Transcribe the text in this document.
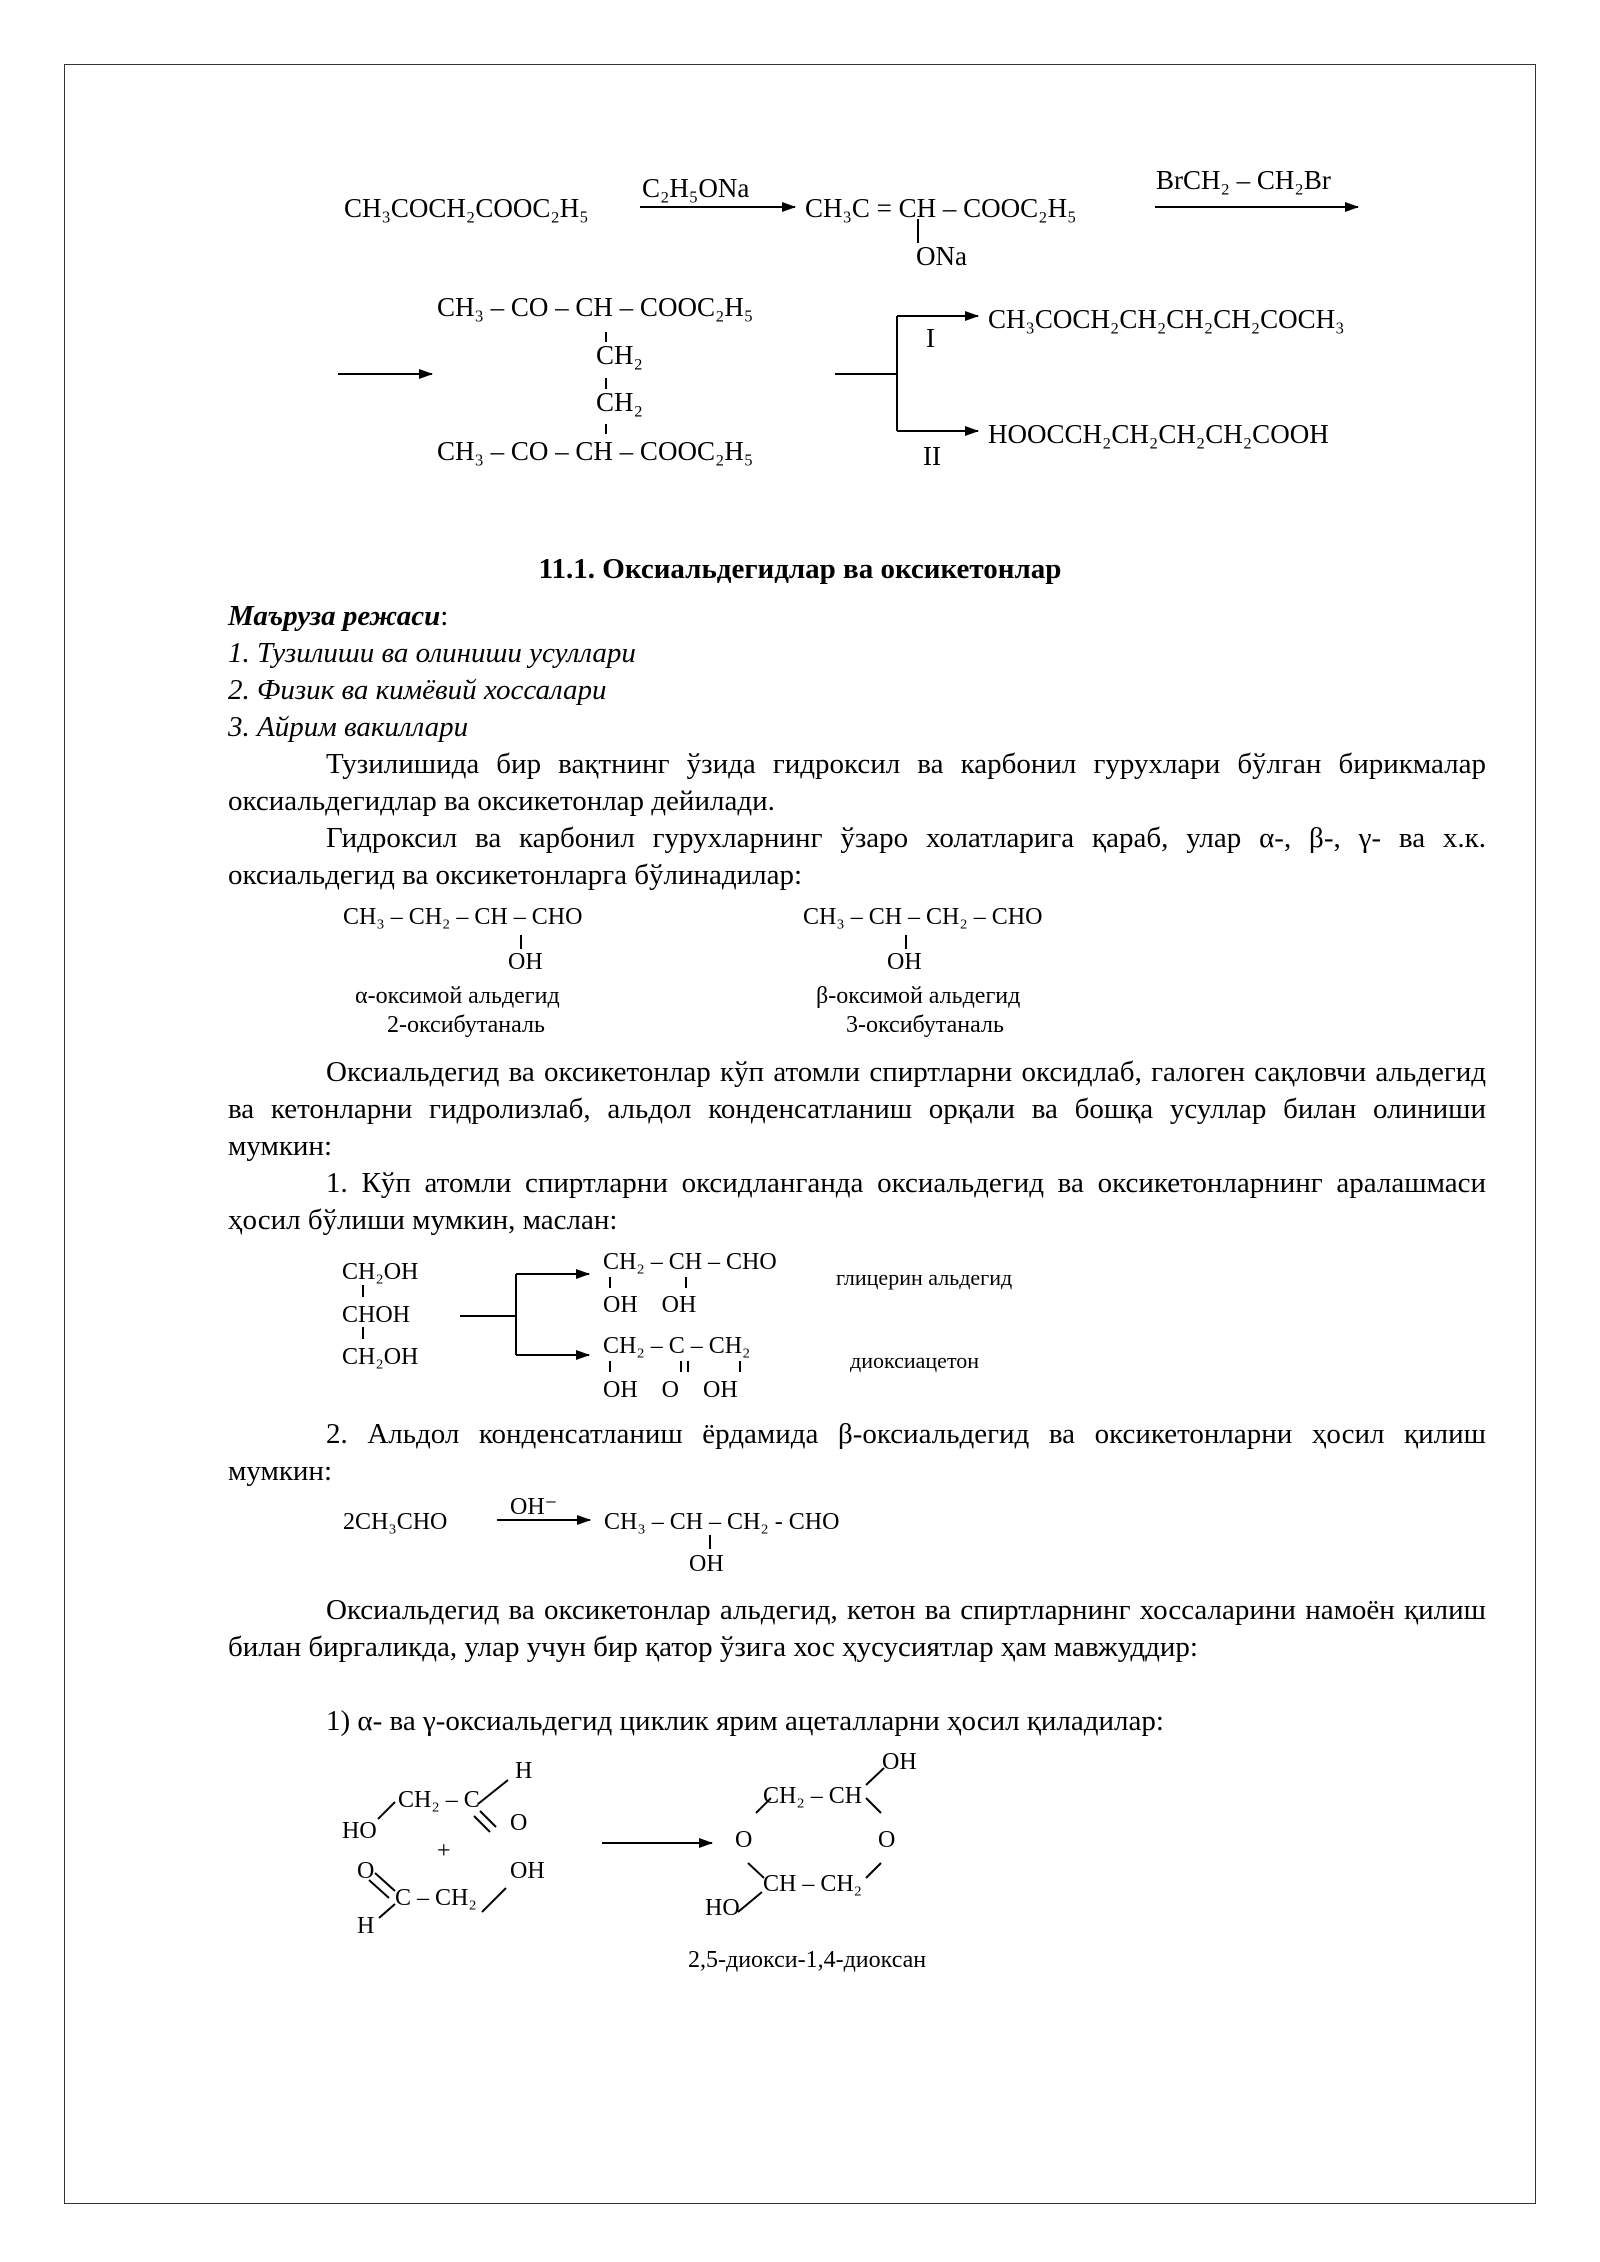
CH₃COCH₂COOC₂H₅
C₂H₅ONa
CH₃C = CH – COOC₂H₅
ONa
BrCH₂ – CH₂Br
CH₃ – CO – CH – COOC₂H₅
CH₂
CH₂
CH₃ – CO – CH – COOC₂H₅
I
II
CH₃COCH₂CH₂CH₂CH₂COCH₃
HOOCCH₂CH₂CH₂CH₂COOH
11.1. Оксиальдегидлар ва оксикетонлар
Маъруза режаси:
1. Тузилиши ва олиниши усуллари
2. Физик ва кимёвий хоссалари
3. Айрим вакиллари
Тузилишида бир вақтнинг ўзида гидроксил ва карбонил гурухлари бўлган бирикмалар оксиальдегидлар ва оксикетонлар дейилади.
Гидроксил ва карбонил гурухларнинг ўзаро холатларига қараб, улар α-, β-, γ- ва х.к. оксиальдегид ва оксикетонларга бўлинадилар:
CH₃ – CH₂ – CH – CHO
OH
α-оксимой альдегид
2-оксибутаналь
CH₃ – CH – CH₂ – CHO
OH
β-оксимой альдегид
3-оксибутаналь
Оксиальдегид ва оксикетонлар кўп атомли спиртларни оксидлаб, галоген сақловчи альдегид ва кетонларни гидролизлаб, альдол конденсатланиш орқали ва бошқа усуллар билан олиниши мумкин:
1. Кўп атомли спиртларни оксидланганда оксиальдегид ва оксикетонларнинг аралашмаси ҳосил бўлиши мумкин, маслан:
CH₂OH
CHOH
CH₂OH
CH₂ – CH – CHO
OH    OH
глицерин альдегид
CH₂ – C – CH₂
OH    O    OH
диоксиацетон
2. Альдол конденсатланиш ёрдамида β-оксиальдегид ва оксикетонларни ҳосил қилиш мумкин:
2CH₃CHO
OH⁻
CH₃ – CH – CH₂ - CHO
OH
Оксиальдегид ва оксикетонлар альдегид, кетон ва спиртларнинг хоссаларини намоён қилиш билан биргаликда, улар учун бир қатор ўзига хос ҳусусиятлар ҳам мавжуддир:
1) α- ва γ-оксиальдегид циклик ярим ацеталларни ҳосил қиладилар:
H
CH₂ – C
O
HO
+
O	OH
C – CH₂
H
OH
CH₂ – CH
O	O
CH – CH₂
HO
2,5-диокси-1,4-диоксан
